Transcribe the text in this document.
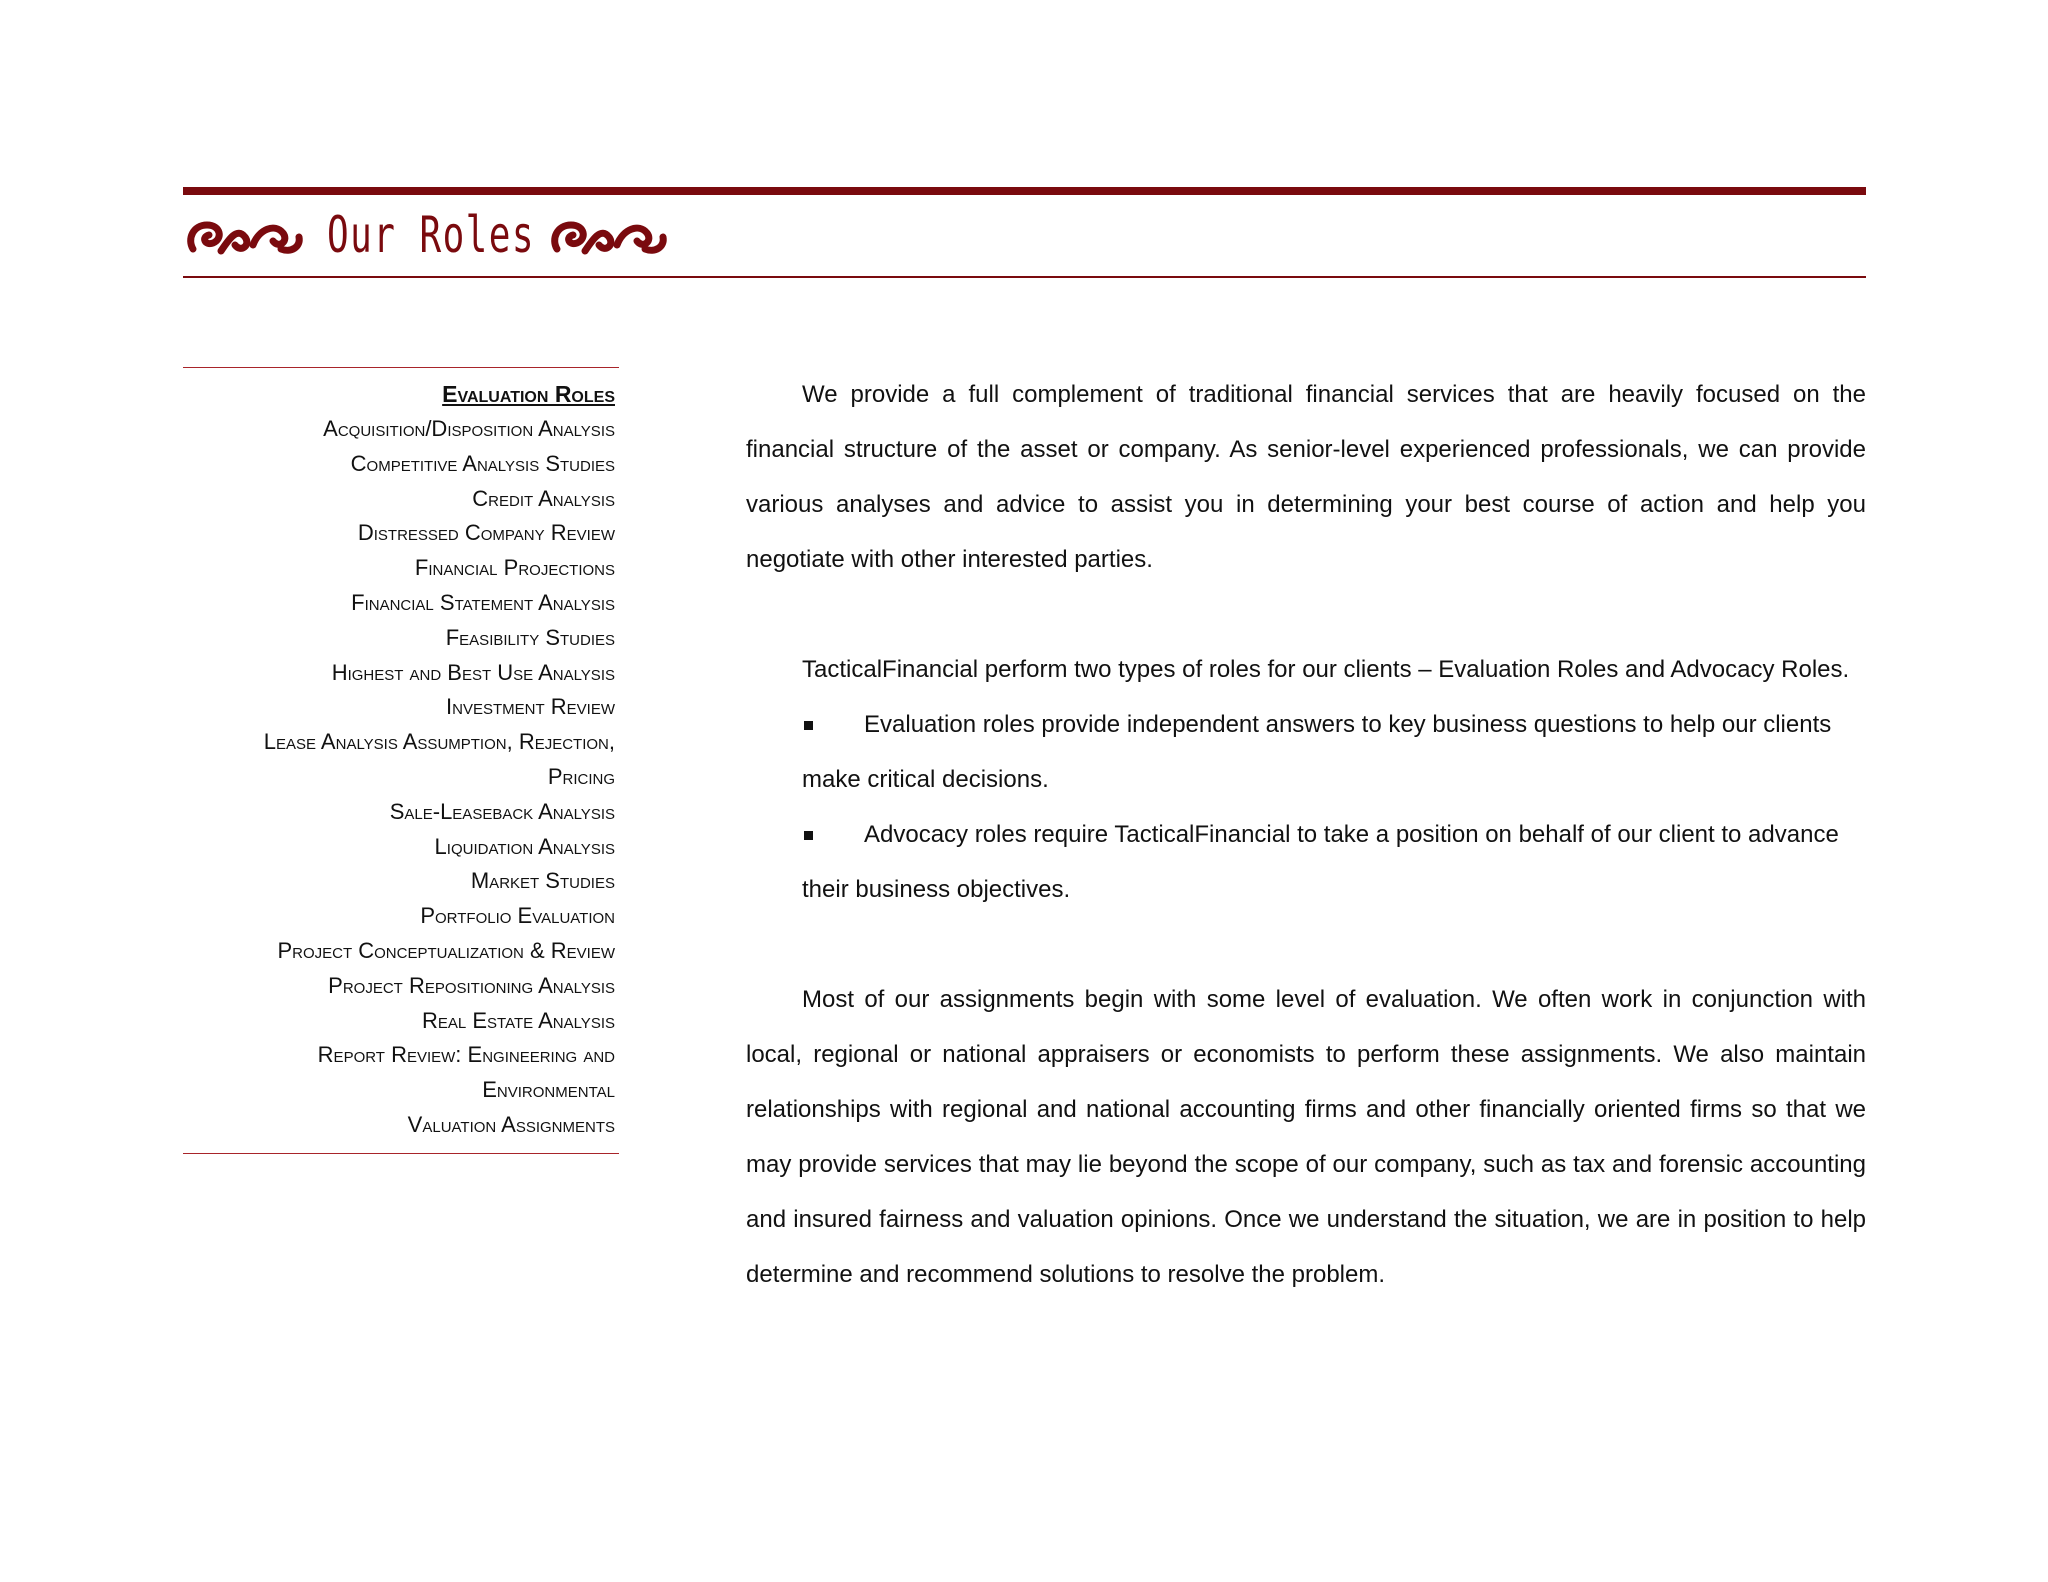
Our Roles
Evaluation Roles
Acquisition/Disposition Analysis
Competitive Analysis Studies
Credit Analysis
Distressed Company Review
Financial Projections
Financial Statement Analysis
Feasibility Studies
Highest and Best Use Analysis
Investment Review
Lease Analysis Assumption, Rejection,
Pricing
Sale-Leaseback Analysis
Liquidation Analysis
Market Studies
Portfolio Evaluation
Project Conceptualization & Review
Project Repositioning Analysis
Real Estate Analysis
Report Review: Engineering and
Environmental
Valuation Assignments

We provide a full complement of traditional financial services that are heavily focused on the financial structure of the asset or company. As senior-level experienced professionals, we can provide various analyses and advice to assist you in determining your best course of action and help you negotiate with other interested parties.

TacticalFinancial perform two types of roles for our clients – Evaluation Roles and Advocacy Roles.

Evaluation roles provide independent answers to key business questions to help our clients make critical decisions.

Advocacy roles require TacticalFinancial to take a position on behalf of our client to advance their business objectives.

Most of our assignments begin with some level of evaluation. We often work in conjunction with local, regional or national appraisers or economists to perform these assignments. We also maintain relationships with regional and national accounting firms and other financially oriented firms so that we may provide services that may lie beyond the scope of our company, such as tax and forensic accounting and insured fairness and valuation opinions. Once we understand the situation, we are in position to help determine and recommend solutions to resolve the problem.
